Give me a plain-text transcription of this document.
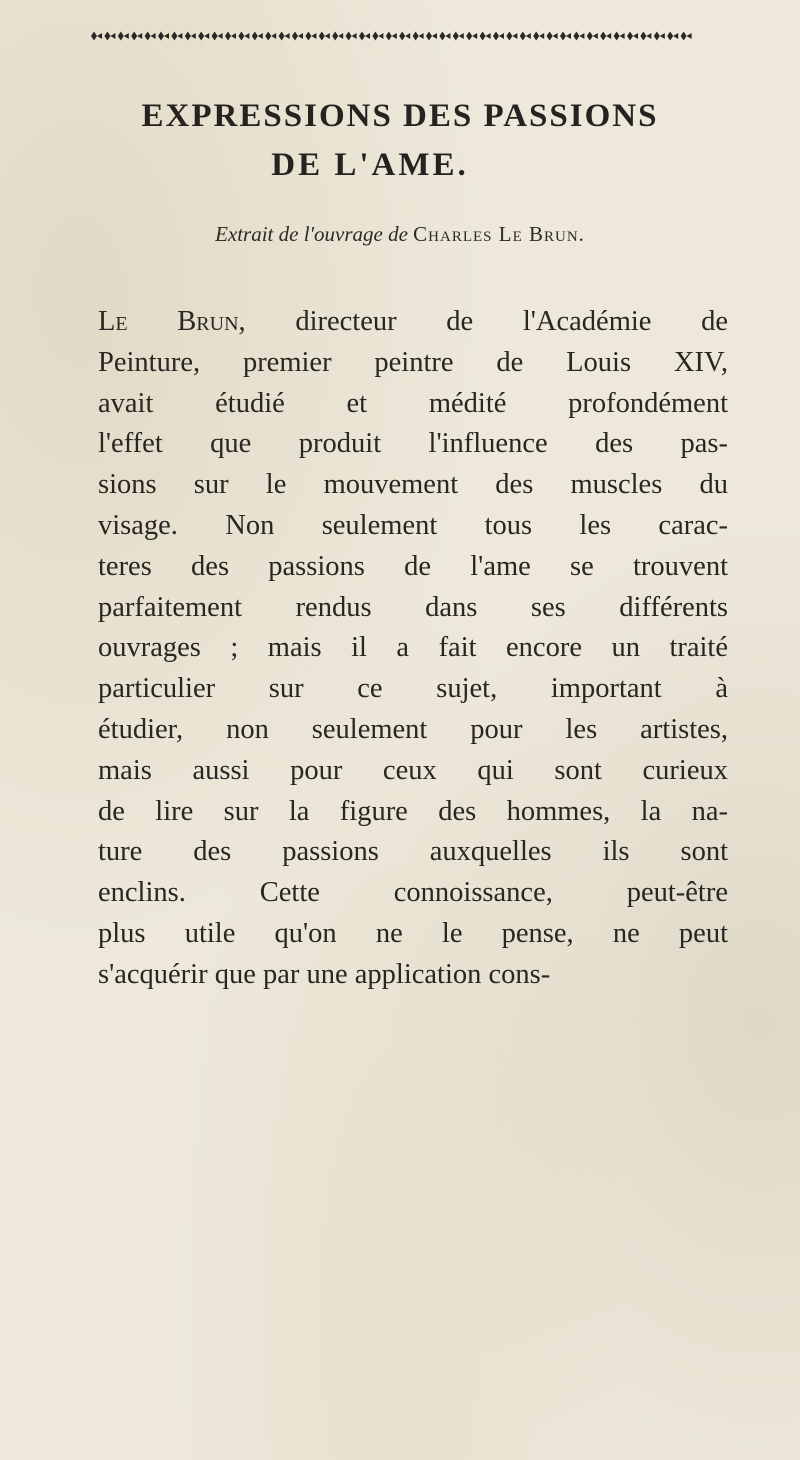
EXPRESSIONS DES PASSIONS
DE L'AME.

Extrait de l'ouvrage de Charles Le Brun.

Le Brun, directeur de l'Académie de
Peinture, premier peintre de Louis XIV,
avait étudié et médité profondément
l'effet que produit l'influence des pas-
sions sur le mouvement des muscles du
visage. Non seulement tous les carac-
teres des passions de l'ame se trouvent
parfaitement rendus dans ses différents
ouvrages ; mais il a fait encore un traité
particulier sur ce sujet, important à
étudier, non seulement pour les artistes,
mais aussi pour ceux qui sont curieux
de lire sur la figure des hommes, la na-
ture des passions auxquelles ils sont
enclins. Cette connoissance, peut-être
plus utile qu'on ne le pense, ne peut
s'acquérir que par une application cons-
